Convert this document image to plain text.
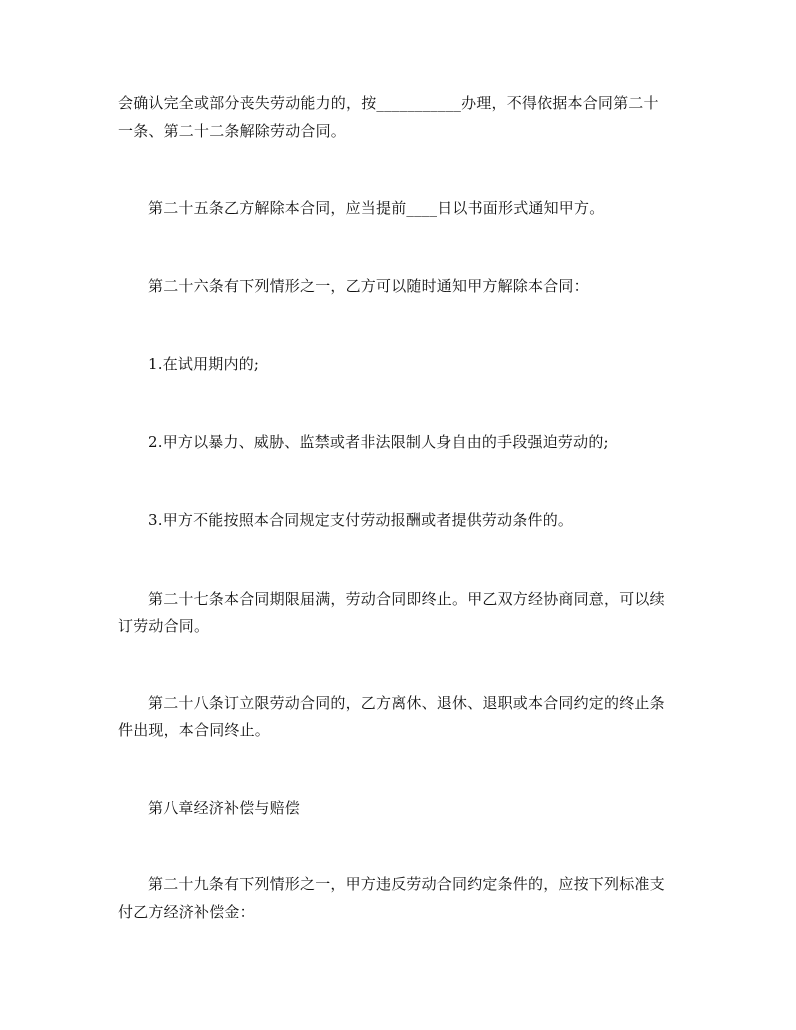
会确认完全或部分丧失劳动能力的，按___________办理，不得依据本合同第二十
一条、第二十二条解除劳动合同。
第二十五条乙方解除本合同，应当提前____日以书面形式通知甲方。
第二十六条有下列情形之一，乙方可以随时通知甲方解除本合同：
1.在试用期内的;
2.甲方以暴力、威胁、监禁或者非法限制人身自由的手段强迫劳动的;
3.甲方不能按照本合同规定支付劳动报酬或者提供劳动条件的。
第二十七条本合同期限届满，劳动合同即终止。甲乙双方经协商同意，可以续
订劳动合同。
第二十八条订立限劳动合同的，乙方离休、退休、退职或本合同约定的终止条
件出现，本合同终止。
第八章经济补偿与赔偿
第二十九条有下列情形之一，甲方违反劳动合同约定条件的，应按下列标准支
付乙方经济补偿金：
